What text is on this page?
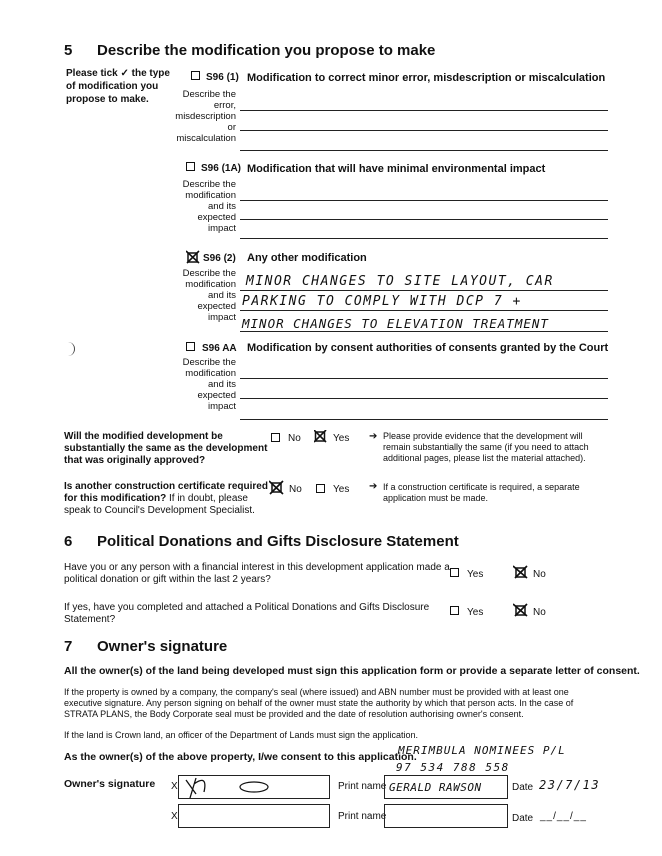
5 Describe the modification you propose to make
Please tick ✓ the type of modification you propose to make.
S96 (1) Modification to correct minor error, misdescription or miscalculation
Describe the
error,
misdescription
or
miscalculation
S96 (1A) Modification that will have minimal environmental impact
Describe the
modification
and its
expected
impact
S96 (2) Any other modification
Describe the
modification
and its
expected
impact
MINOR CHANGES TO SITE LAYOUT, CAR
PARKING TO COMPLY WITH DCP 7 +
MINOR CHANGES TO ELEVATION TREATMENT
S96 AA Modification by consent authorities of consents granted by the Court
Describe the
modification
and its
expected
impact
Will the modified development be
substantially the same as the development
that was originally approved?
No	Yes ➔ Please provide evidence that the development will
remain substantially the same (if you need to attach
additional pages, please list the material attached).
Is another construction certificate required
for this modification? If in doubt, please
speak to Council's Development Specialist.
No	Yes ➔ If a construction certificate is required, a separate
application must be made.
6 Political Donations and Gifts Disclosure Statement
Have you or any person with a financial interest in this development application made a
political donation or gift within the last 2 years?	Yes	No
If yes, have you completed and attached a Political Donations and Gifts Disclosure
Statement?
Yes	No
7 Owner's signature
All the owner(s) of the land being developed must sign this application form or provide a separate letter of consent.
If the property is owned by a company, the company's seal (where issued) and ABN number must be provided with at least one
executive signature. Any person signing on behalf of the owner must state the authority by which that person acts. In the case of
STRATA PLANS, the Body Corporate seal must be provided and the date of resolution authorising owner's consent.
If the land is Crown land, an officer of the Department of Lands must sign the application.
As the owner(s) of the above property, I/we consent to this application.
MERIMBULA NOMINEES P/L
97 534 788 558
Owner's signature X	Print name GERALD RAWSON	Date 23/7/13
X	Print name	Date __/__/__
